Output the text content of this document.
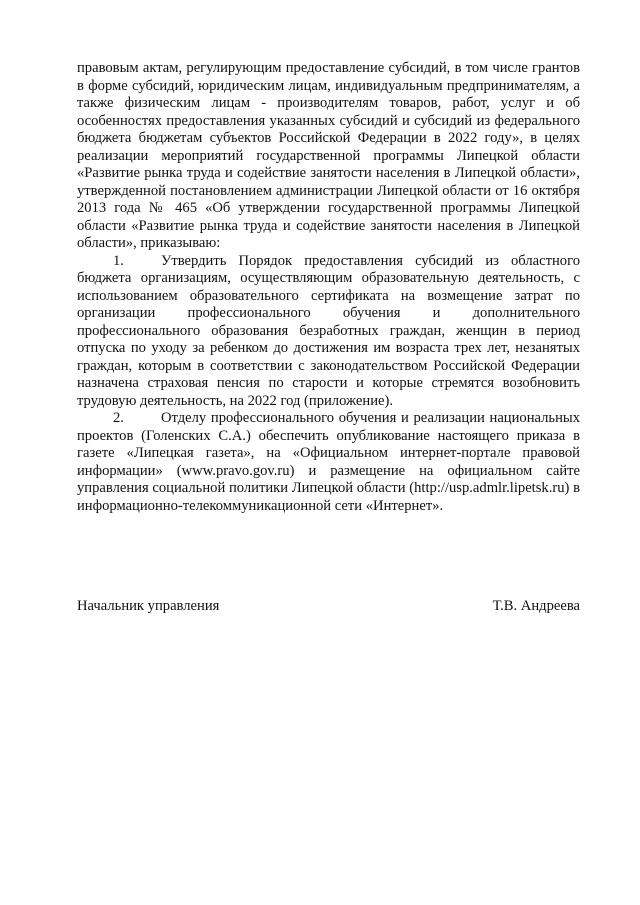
правовым актам, регулирующим предоставление субсидий, в том числе грантов в форме субсидий, юридическим лицам, индивидуальным предпринимателям, а также физическим лицам - производителям товаров, работ, услуг и об особенностях предоставления указанных субсидий и субсидий из федерального бюджета бюджетам субъектов Российской Федерации в 2022 году», в целях реализации мероприятий государственной программы Липецкой области «Развитие рынка труда и содействие занятости населения в Липецкой области», утвержденной постановлением администрации Липецкой области от 16 октября 2013 года № 465 «Об утверждении государственной программы Липецкой области «Развитие рынка труда и содействие занятости населения в Липецкой области», приказываю:

1.	Утвердить Порядок предоставления субсидий из областного бюджета организациям, осуществляющим образовательную деятельность, с использованием образовательного сертификата на возмещение затрат по организации профессионального обучения и дополнительного профессионального образования безработных граждан, женщин в период отпуска по уходу за ребенком до достижения им возраста трех лет, незанятых граждан, которым в соответствии с законодательством Российской Федерации назначена страховая пенсия по старости и которые стремятся возобновить трудовую деятельность, на 2022 год (приложение).

2.	Отделу профессионального обучения и реализации национальных проектов (Голенских С.А.) обеспечить опубликование настоящего приказа в газете «Липецкая газета», на «Официальном интернет-портале правовой информации» (www.pravo.gov.ru) и размещение на официальном сайте управления социальной политики Липецкой области (http://usp.admlr.lipetsk.ru) в информационно-телекоммуникационной сети «Интернет».

Начальник управления	Т.В. Андреева
